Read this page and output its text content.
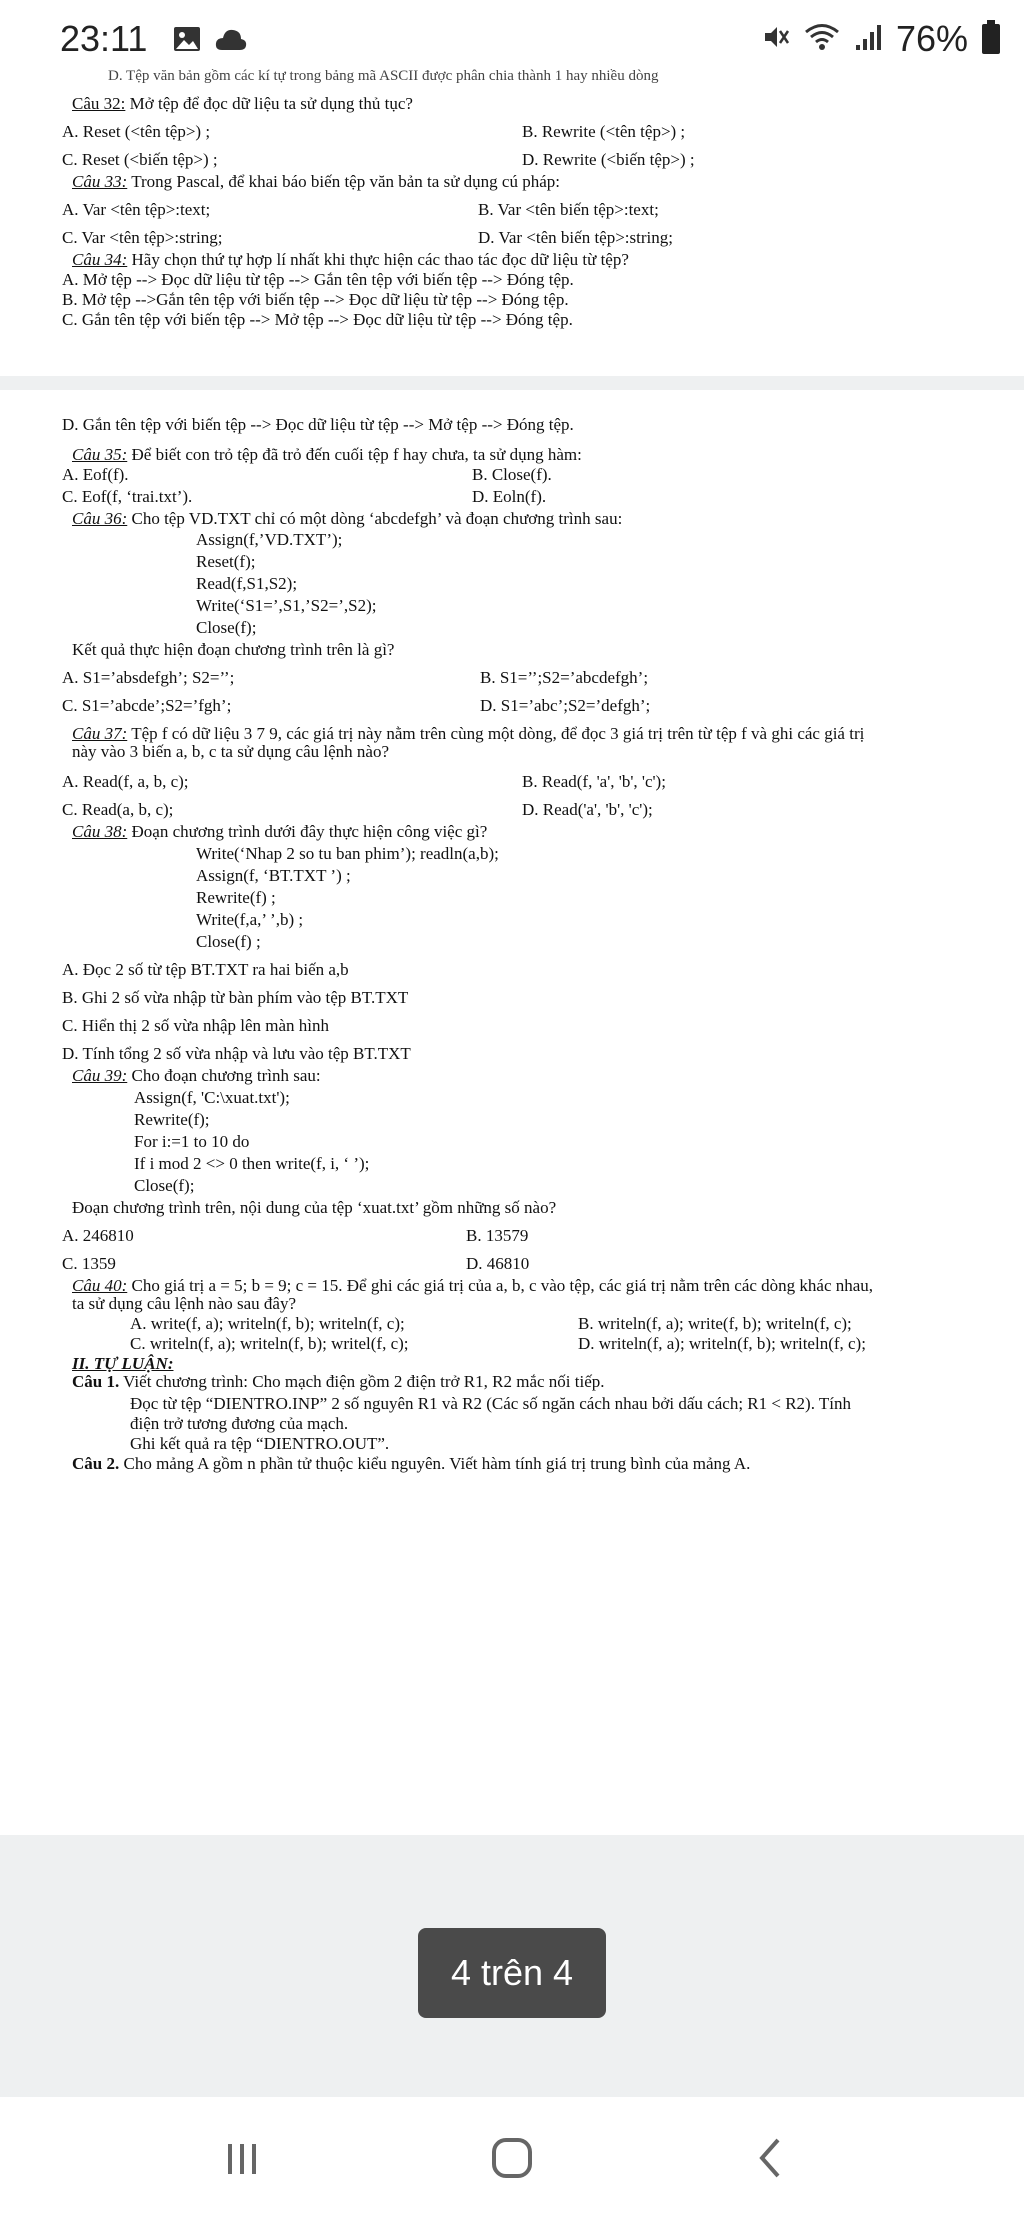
23:11	76%
D. Tệp văn bản gồm các kí tự trong bảng mã ASCII được phân chia thành 1 hay nhiều dòng
Câu 32: Mở tệp để đọc dữ liệu ta sử dụng thủ tục?
A. Reset (<tên tệp>) ;	B. Rewrite (<tên tệp>) ;
C. Reset (<biến tệp>) ;	D. Rewrite (<biến tệp>) ;
Câu 33: Trong Pascal, để khai báo biến tệp văn bản ta sử dụng cú pháp:
A. Var <tên tệp>:text;	B. Var <tên biến tệp>:text;
C. Var <tên tệp>:string;	D. Var <tên biến tệp>:string;
Câu 34: Hãy chọn thứ tự hợp lí nhất khi thực hiện các thao tác đọc dữ liệu từ tệp?
A. Mở tệp --> Đọc dữ liệu từ tệp --> Gắn tên tệp với biến tệp --> Đóng tệp.
B. Mở tệp -->Gắn tên tệp với biến tệp --> Đọc dữ liệu từ tệp --> Đóng tệp.
C. Gắn tên tệp với biến tệp --> Mở tệp --> Đọc dữ liệu từ tệp --> Đóng tệp.
D. Gắn tên tệp với biến tệp --> Đọc dữ liệu từ tệp --> Mở tệp --> Đóng tệp.
Câu 35: Để biết con trỏ tệp đã trỏ đến cuối tệp f hay chưa, ta sử dụng hàm:
A. Eof(f).	B. Close(f).
C. Eof(f, ‘trai.txt’).	D. Eoln(f).
Câu 36: Cho tệp VD.TXT chỉ có một dòng ‘abcdefgh’ và đoạn chương trình sau:
Assign(f,’VD.TXT’);
Reset(f);
Read(f,S1,S2);
Write(‘S1=’,S1,’S2=’,S2);
Close(f);
Kết quả thực hiện đoạn chương trình trên là gì?
A. S1=’absdefgh’; S2=’’;	B. S1=’’;S2=’abcdefgh’;
C. S1=’abcde’;S2=’fgh’;	D. S1=’abc’;S2=’defgh’;
Câu 37: Tệp f có dữ liệu 3 7 9, các giá trị này nằm trên cùng một dòng, để đọc 3 giá trị trên từ tệp f và ghi các giá trị
này vào 3 biến a, b, c ta sử dụng câu lệnh nào?
A. Read(f, a, b, c);	B. Read(f, 'a', 'b', 'c');
C. Read(a, b, c);	D. Read('a', 'b', 'c');
Câu 38: Đoạn chương trình dưới đây thực hiện công việc gì?
Write(‘Nhap 2 so tu ban phim’); readln(a,b);
Assign(f, ‘BT.TXT ’) ;
Rewrite(f) ;
Write(f,a,’ ’,b) ;
Close(f) ;
A. Đọc 2 số từ tệp BT.TXT ra hai biến a,b
B. Ghi 2 số vừa nhập từ bàn phím vào tệp BT.TXT
C. Hiển thị 2 số vừa nhập lên màn hình
D. Tính tổng 2 số vừa nhập và lưu vào tệp BT.TXT
Câu 39: Cho đoạn chương trình sau:
Assign(f, 'C:\xuat.txt');
Rewrite(f);
For i:=1 to 10 do
If i mod 2 <> 0 then write(f, i, ‘ ’);
Close(f);
Đoạn chương trình trên, nội dung của tệp ‘xuat.txt’ gồm những số nào?
A. 246810	B. 13579
C. 1359	D. 46810
Câu 40: Cho giá trị a = 5; b = 9; c = 15. Để ghi các giá trị của a, b, c vào tệp, các giá trị nằm trên các dòng khác nhau,
ta sử dụng câu lệnh nào sau đây?
A. write(f, a); writeln(f, b); writeln(f, c);	B. writeln(f, a); write(f, b); writeln(f, c);
C. writeln(f, a); writeln(f, b); writel(f, c);	D. writeln(f, a); writeln(f, b); writeln(f, c);
II. TỰ LUẬN:
Câu 1. Viết chương trình: Cho mạch điện gồm 2 điện trở R1, R2 mắc nối tiếp.
Đọc từ tệp “DIENTRO.INP” 2 số nguyên R1 và R2 (Các số ngăn cách nhau bởi dấu cách; R1 < R2). Tính
điện trở tương đương của mạch.
Ghi kết quả ra tệp “DIENTRO.OUT”.
Câu 2. Cho mảng A gồm n phần tử thuộc kiểu nguyên. Viết hàm tính giá trị trung bình của mảng A.
4 trên 4
